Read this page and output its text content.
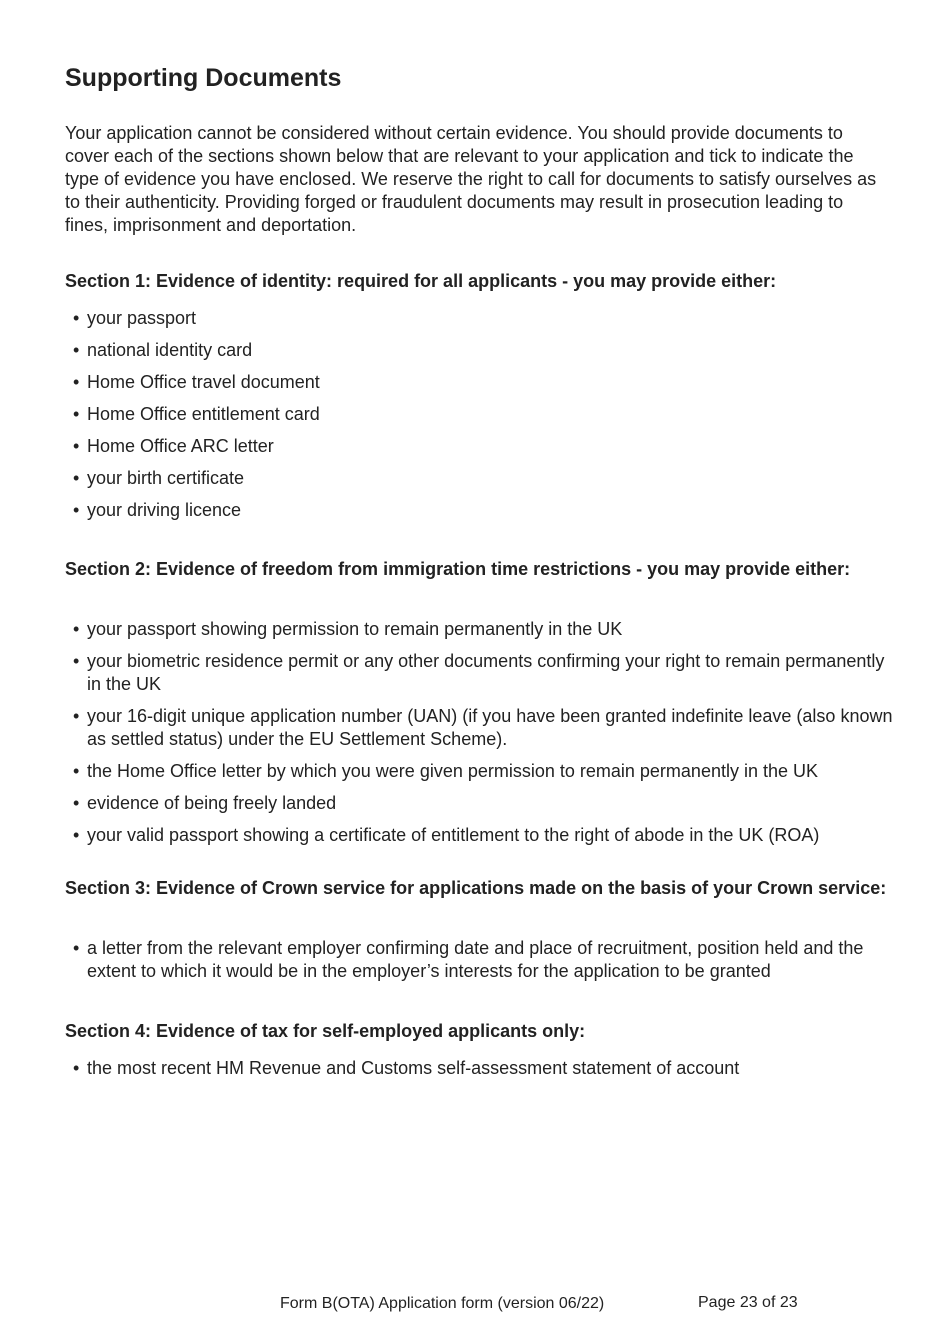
Supporting Documents

Your application cannot be considered without certain evidence. You should provide documents to cover each of the sections shown below that are relevant to your application and tick to indicate the type of evidence you have enclosed. We reserve the right to call for documents to satisfy ourselves as to their authenticity. Providing forged or fraudulent documents may result in prosecution leading to fines, imprisonment and deportation.

Section 1: Evidence of identity: required for all applicants - you may provide either:

• your passport
• national identity card
• Home Office travel document
• Home Office entitlement card
• Home Office ARC letter
• your birth certificate
• your driving licence

Section 2: Evidence of freedom from immigration time restrictions - you may provide either:

• your passport showing permission to remain permanently in the UK
• your biometric residence permit or any other documents confirming your right to remain permanently in the UK
• your 16-digit unique application number (UAN) (if you have been granted indefinite leave (also known as settled status) under the EU Settlement Scheme).
• the Home Office letter by which you were given permission to remain permanently in the UK
• evidence of being freely landed
• your valid passport showing a certificate of entitlement to the right of abode in the UK (ROA)

Section 3: Evidence of Crown service for applications made on the basis of your Crown service:

• a letter from the relevant employer confirming date and place of recruitment, position held and the extent to which it would be in the employer’s interests for the application to be granted

Section 4: Evidence of tax for self-employed applicants only:

• the most recent HM Revenue and Customs self-assessment statement of account
Form B(OTA) Application form (version 06/22)	Page 23 of 23
